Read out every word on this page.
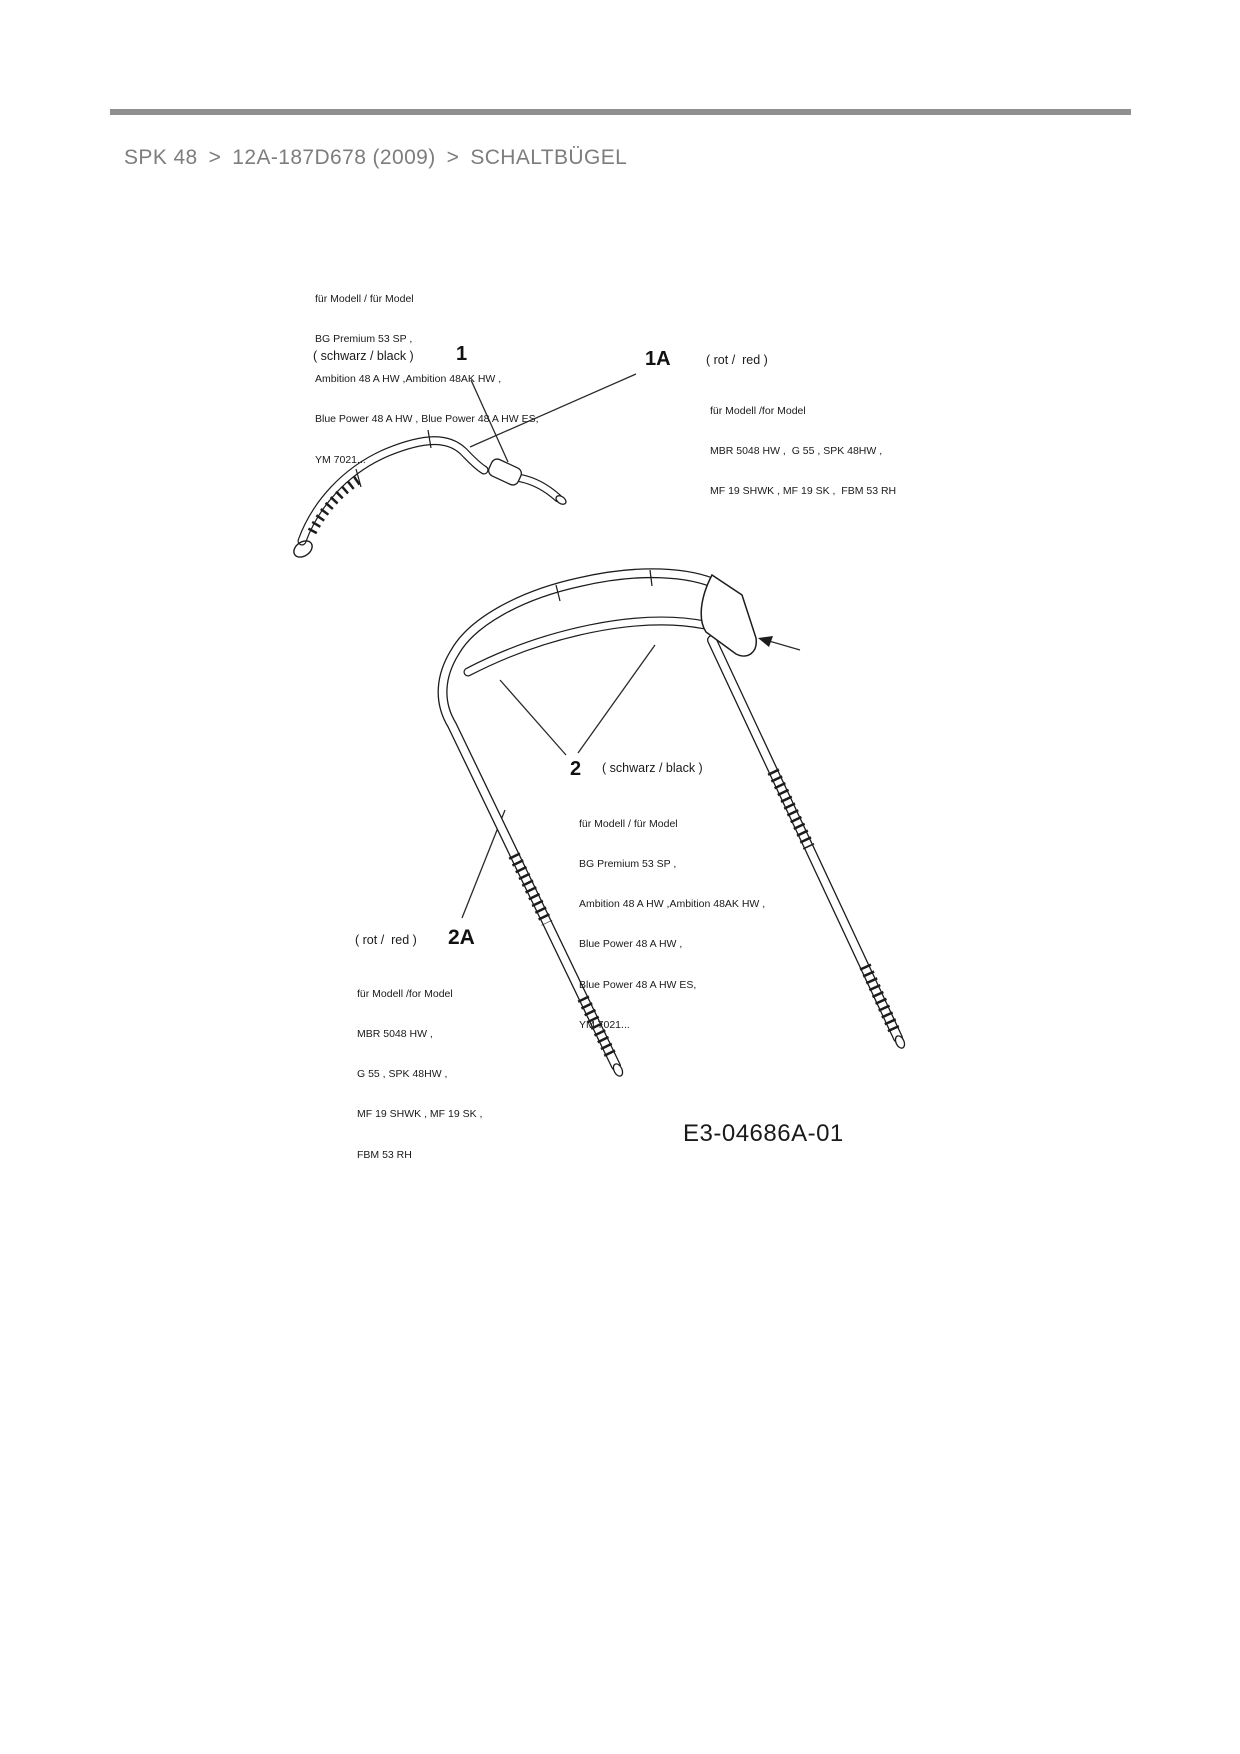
SPK 48 > 12A-187D678 (2009) > SCHALTBÜGEL

für Modell / für Model

BG Premium 53 SP ,

Ambition 48 A HW ,Ambition 48AK HW ,

Blue Power 48 A HW , Blue Power 48 A HW ES,

YM 7021...

( schwarz / black ) 1	1A	( rot /  red )

für Modell /for Model

MBR 5048 HW ,  G 55 , SPK 48HW ,

MF 19 SHWK , MF 19 SK ,  FBM 53 RH

2 ( schwarz / black )

für Modell / für Model

BG Premium 53 SP ,

Ambition 48 A HW ,Ambition 48AK HW ,

Blue Power 48 A HW ,

Blue Power 48 A HW ES,

YM 7021...

( rot /  red ) 2A

für Modell /for Model

MBR 5048 HW ,

G 55 , SPK 48HW ,

MF 19 SHWK , MF 19 SK ,

FBM 53 RH

E3-04686A-01
